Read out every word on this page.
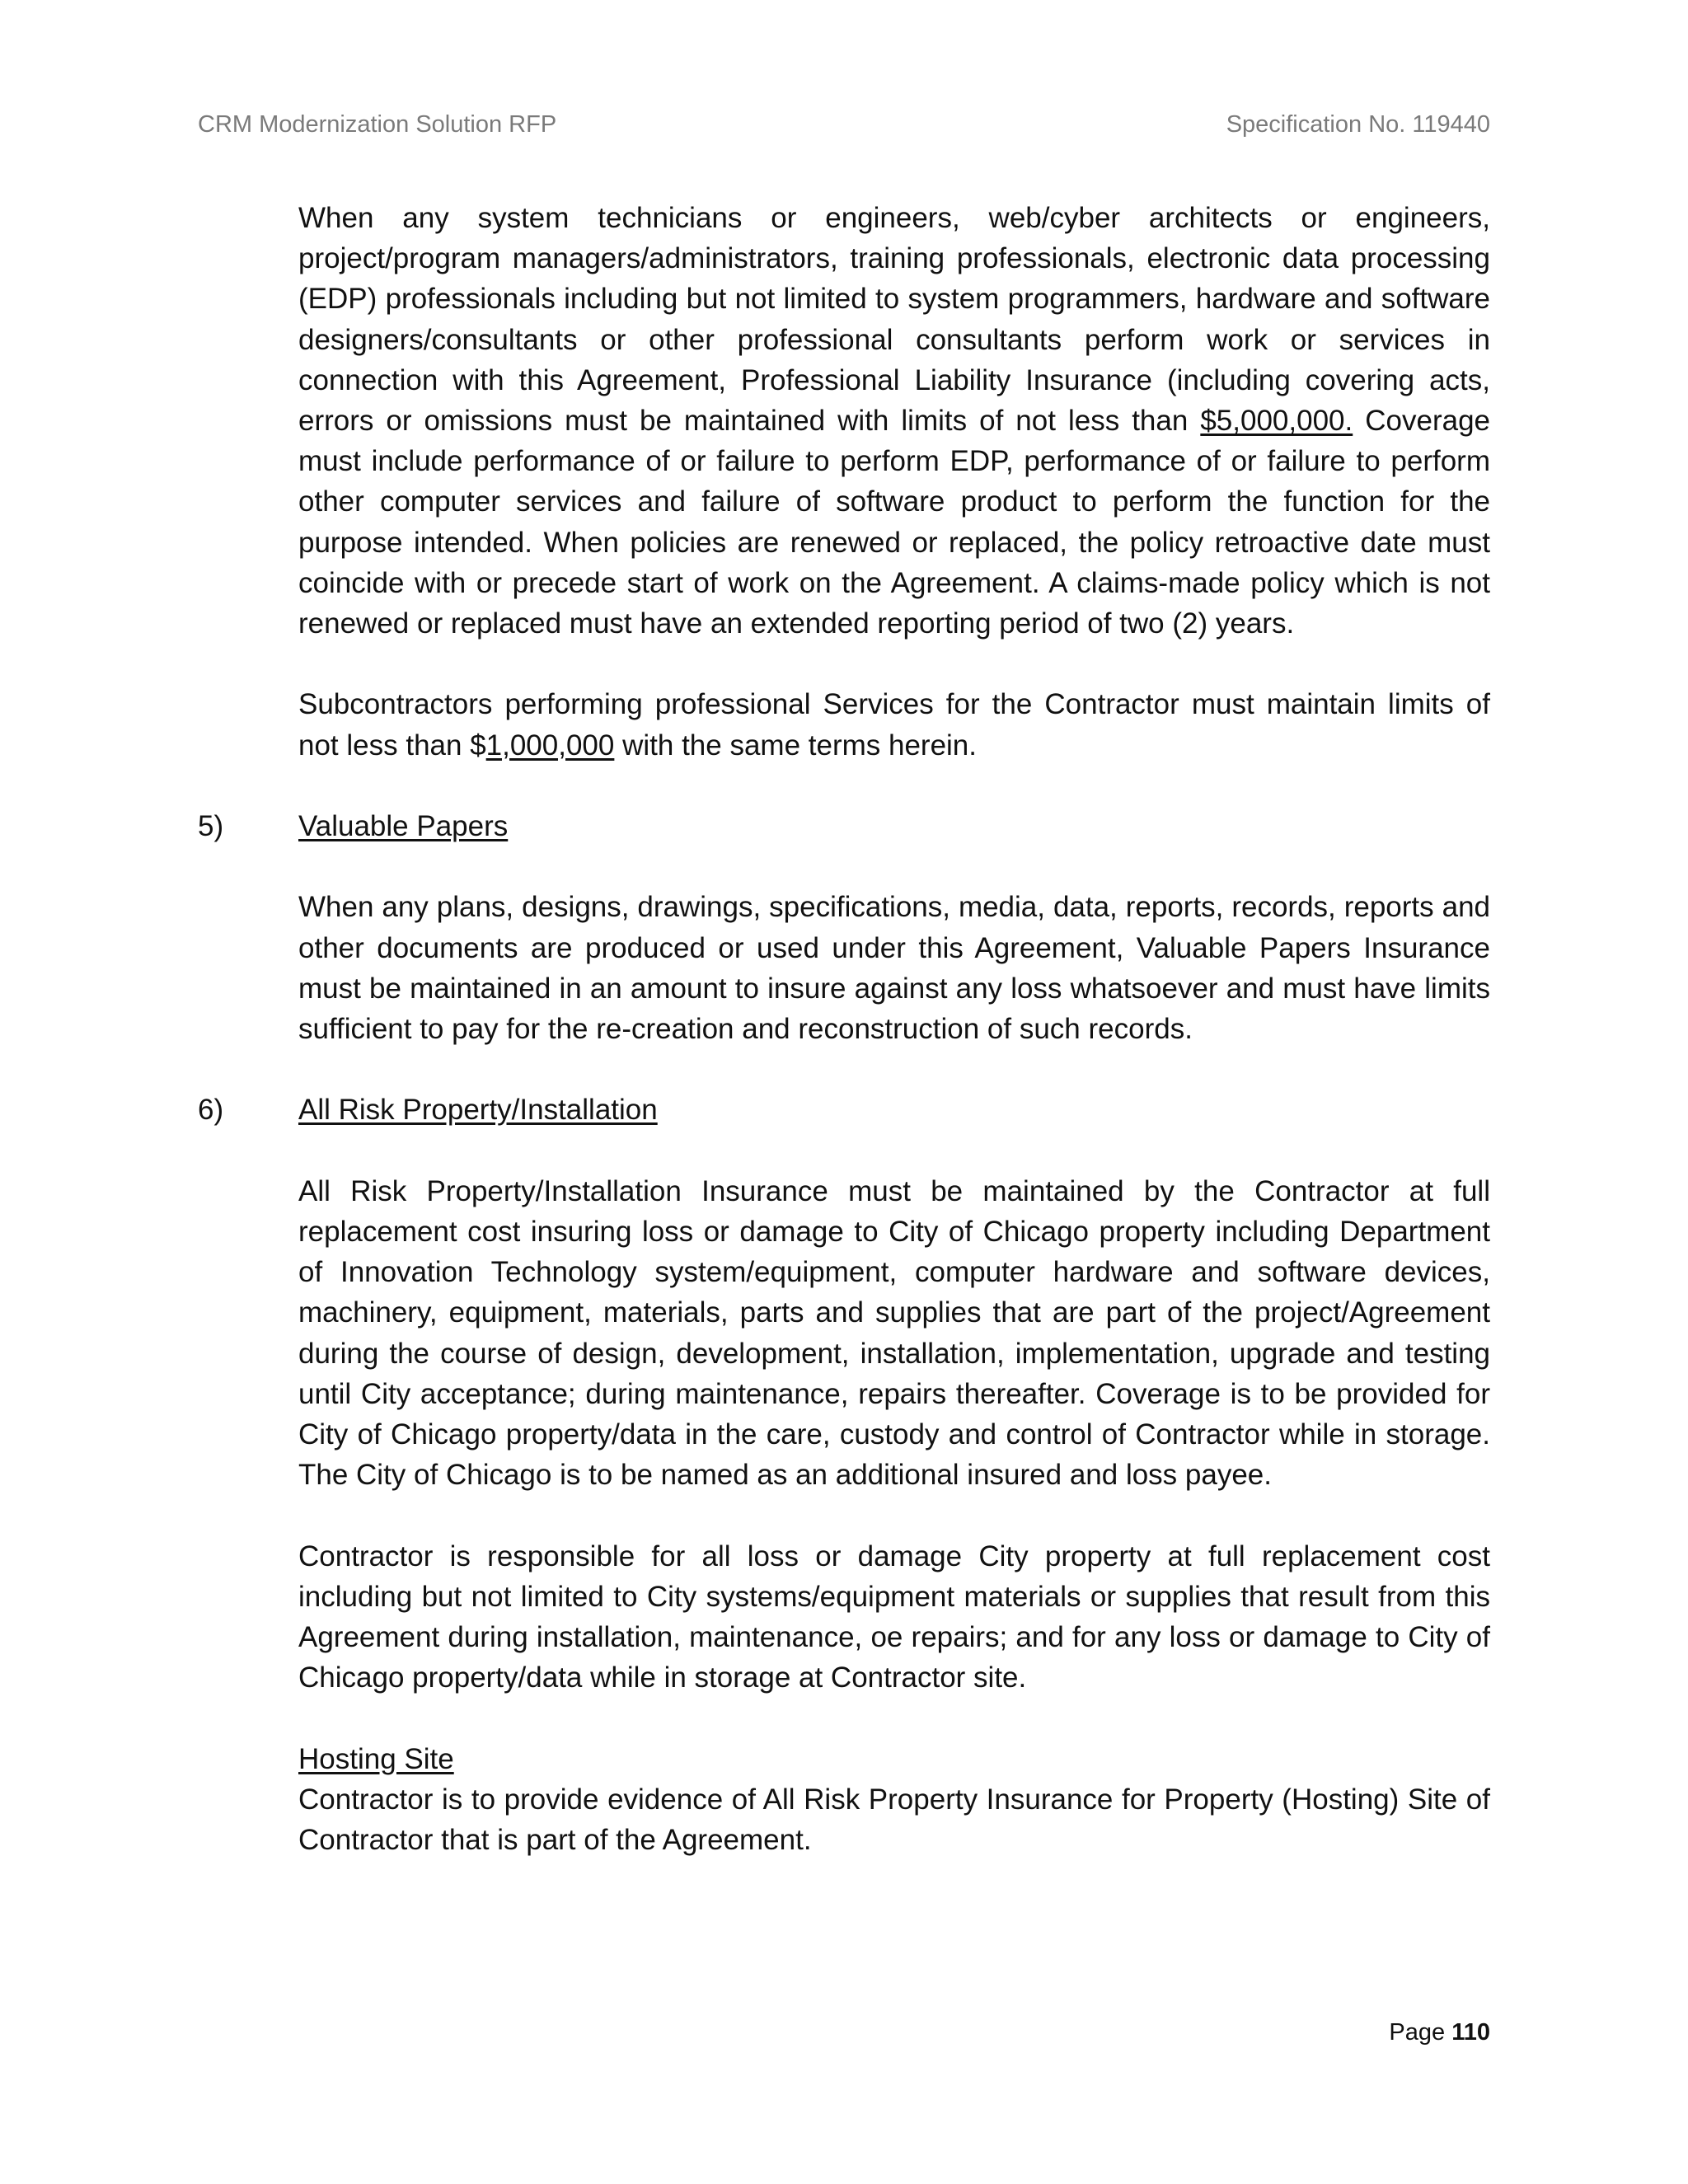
CRM Modernization Solution RFP	Specification No. 119440

When any system technicians or engineers, web/cyber architects or engineers, project/program managers/administrators, training professionals, electronic data processing (EDP) professionals including but not limited to system programmers, hardware and software designers/consultants or other professional consultants perform work or services in connection with this Agreement, Professional Liability Insurance (including covering acts, errors or omissions must be maintained with limits of not less than $5,000,000. Coverage must include performance of or failure to perform EDP, performance of or failure to perform other computer services and failure of software product to perform the function for the purpose intended. When policies are renewed or replaced, the policy retroactive date must coincide with or precede start of work on the Agreement. A claims-made policy which is not renewed or replaced must have an extended reporting period of two (2) years.

Subcontractors performing professional Services for the Contractor must maintain limits of not less than $1,000,000 with the same terms herein.

5)	Valuable Papers

When any plans, designs, drawings, specifications, media, data, reports, records, reports and other documents are produced or used under this Agreement, Valuable Papers Insurance must be maintained in an amount to insure against any loss whatsoever and must have limits sufficient to pay for the re-creation and reconstruction of such records.

6)	All Risk Property/Installation

All Risk Property/Installation Insurance must be maintained by the Contractor at full replacement cost insuring loss or damage to City of Chicago property including Department of Innovation Technology system/equipment, computer hardware and software devices, machinery, equipment, materials, parts and supplies that are part of the project/Agreement during the course of design, development, installation, implementation, upgrade and testing until City acceptance; during maintenance, repairs thereafter. Coverage is to be provided for City of Chicago property/data in the care, custody and control of Contractor while in storage. The City of Chicago is to be named as an additional insured and loss payee.

Contractor is responsible for all loss or damage City property at full replacement cost including but not limited to City systems/equipment materials or supplies that result from this Agreement during installation, maintenance, oe repairs; and for any loss or damage to City of Chicago property/data while in storage at Contractor site.

Hosting Site

Contractor is to provide evidence of All Risk Property Insurance for Property (Hosting) Site of Contractor that is part of the Agreement.

Page 110
